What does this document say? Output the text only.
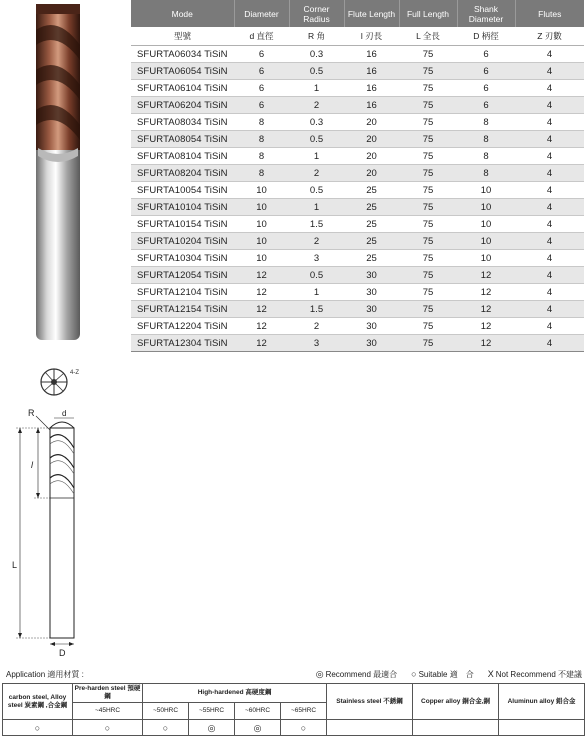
4-Z
R	d
l
L
D
Mode	Diameter	Corner Radius	Flute Length	Full Length	Shank Diameter	Flutes
型號	d 直徑	R 角	l 刃長	L 全長	D 柄徑	Z 刃數
SFURTA06034 TiSiN	6	0.3	16	75	6	4
SFURTA06054 TiSiN	6	0.5	16	75	6	4
SFURTA06104 TiSiN	6	1	16	75	6	4
SFURTA06204 TiSiN	6	2	16	75	6	4
SFURTA08034 TiSiN	8	0.3	20	75	8	4
SFURTA08054 TiSiN	8	0.5	20	75	8	4
SFURTA08104 TiSiN	8	1	20	75	8	4
SFURTA08204 TiSiN	8	2	20	75	8	4
SFURTA10054 TiSiN	10	0.5	25	75	10	4
SFURTA10104 TiSiN	10	1	25	75	10	4
SFURTA10154 TiSiN	10	1.5	25	75	10	4
SFURTA10204 TiSiN	10	2	25	75	10	4
SFURTA10304 TiSiN	10	3	25	75	10	4
SFURTA12054 TiSiN	12	0.5	30	75	12	4
SFURTA12104 TiSiN	12	1	30	75	12	4
SFURTA12154 TiSiN	12	1.5	30	75	12	4
SFURTA12204 TiSiN	12	2	30	75	12	4
SFURTA12304 TiSiN	12	3	30	75	12	4
Application 適用材質 :	◎ Recommend 最適合 ○ Suitable 適　合 X Not Recommend 不建議
carbon steel, Alloy steel 炭素鋼 ,合金鋼	Pre-harden steel 預硬鋼	High-hardened 高硬度鋼				Stainless steel 不銹鋼	Copper alloy 銅合金,銅	Aluminun alloy 鋁合金
	~45HRC	~50HRC	~55HRC	~60HRC	~65HRC			
○	○	○	◎	◎	○			
